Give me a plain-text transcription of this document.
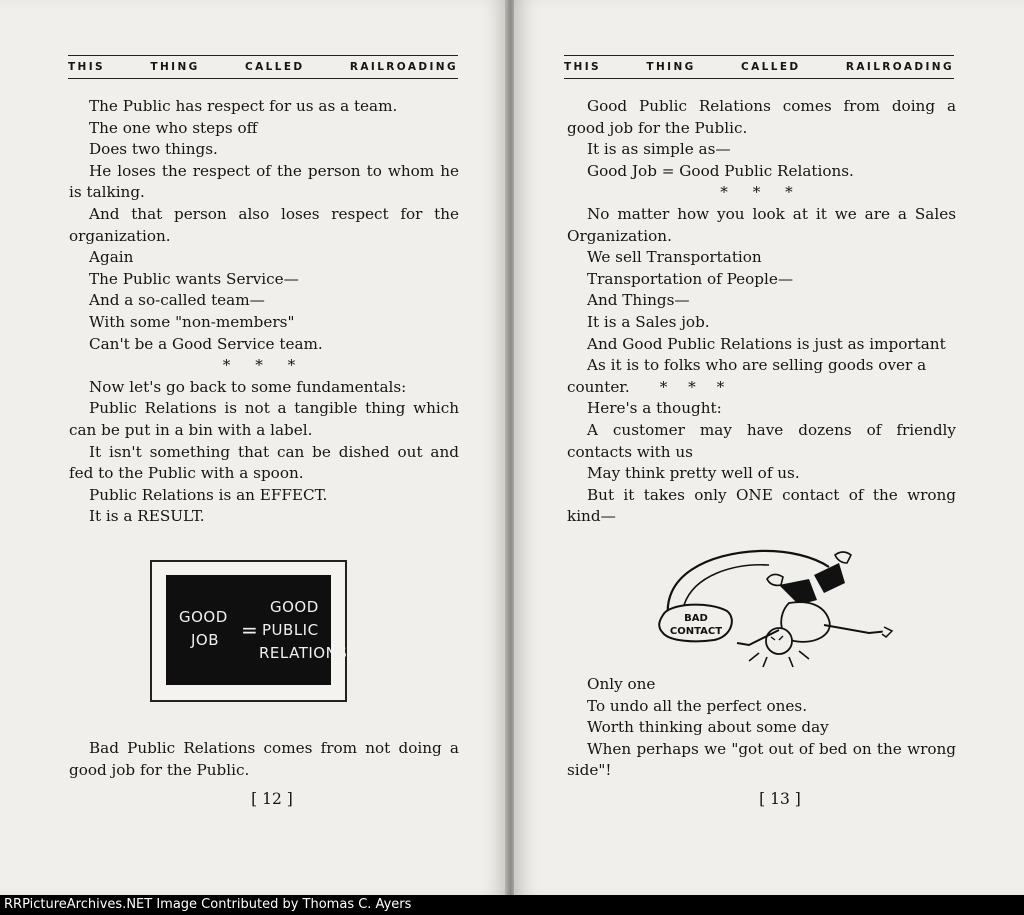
THIS	THING	CALLED	RAILROADING

The Public has respect for us as a team.

The one who steps off

Does two things.

He loses the respect of the person to whom he is talking.

And that person also loses respect for the organization.

Again

The Public wants Service—

And a so-called team—

With some "non-members"

Can't be a Good Service team.

* * *

Now let's go back to some fundamentals:

Public Relations is not a tangible thing which can be put in a bin with a label.

It isn't something that can be dished out and fed to the Public with a spoon.

Public Relations is an EFFECT.

It is a RESULT.

GOOD
JOB =
GOOD
PUBLIC
RELATIONS

Bad Public Relations comes from not doing a good job for the Public.

[ 12 ]
THIS	THING	CALLED	RAILROADING

Good Public Relations comes from doing a good job for the Public.

It is as simple as—

Good Job = Good Public Relations.

* * *

No matter how you look at it we are a Sales Organization.

We sell Transportation

Transportation of People—

And Things—

It is a Sales job.

And Good Public Relations is just as important

As it is to folks who are selling goods over a

counter. * * *

Here's a thought:

A customer may have dozens of friendly contacts with us

May think pretty well of us.

But it takes only ONE contact of the wrong kind—

BAD
CONTACT

Only one

To undo all the perfect ones.

Worth thinking about some day

When perhaps we "got out of bed on the wrong side"!

[ 13 ]
RRPictureArchives.NET Image Contributed by Thomas C. Ayers
